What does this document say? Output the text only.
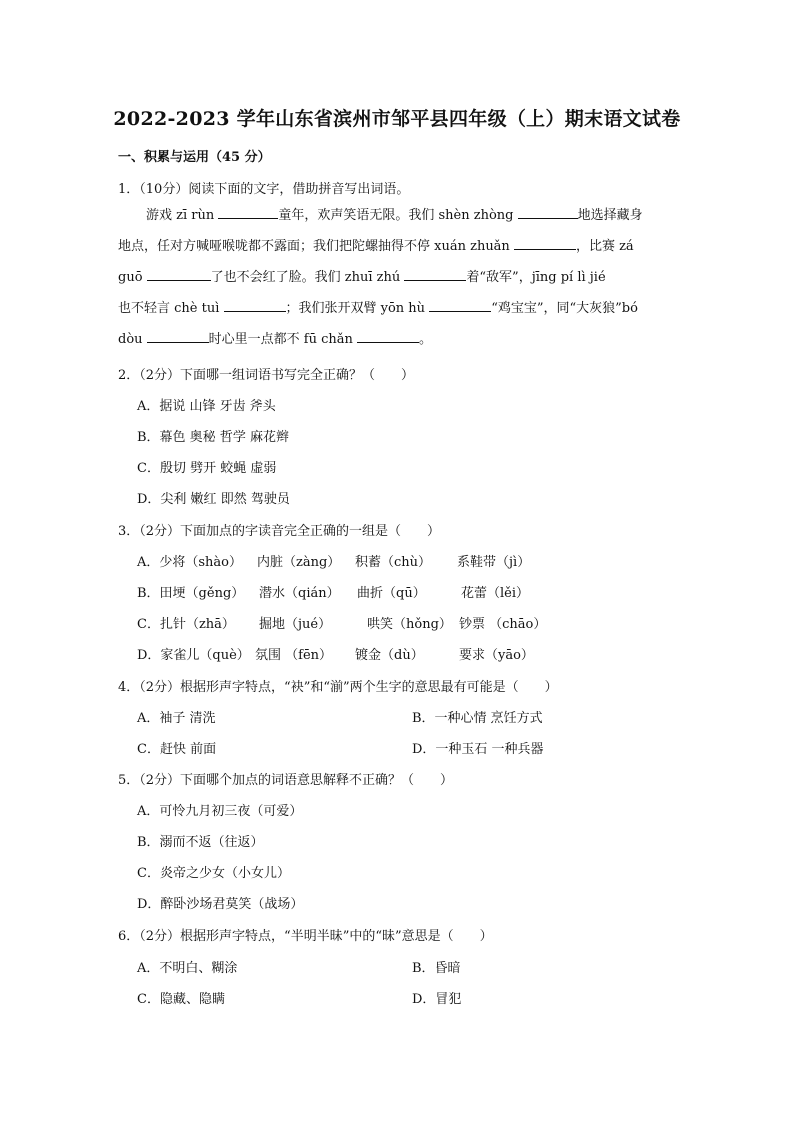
2022-2023 学年山东省滨州市邹平县四年级（上）期末语文试卷
一、积累与运用（45 分）
1．（10分）阅读下面的文字，借助拼音写出词语。
游戏 zī rùn	童年，欢声笑语无限。我们 shèn zhòng	地选择藏身
地点，任对方喊哑喉咙都不露面；我们把陀螺抽得不停 xuán zhuǎn	，比赛 zá
guō	了也不会红了脸。我们 zhuī zhú	着“敌军”，jīng pí lì jié
也不轻言 chè tuì	；我们张开双臂 yōn hù	“鸡宝宝”，同“大灰狼”bó
dòu	时心里一点都不 fū chǎn	。
2．（2分）下面哪一组词语书写完全正确？（　　）
A．据说 山锋 牙齿 斧头
B．幕色 奥秘 哲学 麻花辫
C．殷切 劈开 蛟蝇 虚弱
D．尖利 嫩红 即然 驾驶员
3．（2分）下面加点的字读音完全正确的一组是（　　）
A．少将（shào） 内脏（zàng） 积蓄（chù） 系鞋带（jì）
B．田埂（gěng） 潜水（qián） 曲折（qū）	花蕾（lěi）
C．扎针（zhā） 掘地（jué）	哄笑（hǒng） 钞票 （chāo）
D．家雀儿（què） 氛围 （fēn） 镀金（dù）	要求（yāo）
4．（2分）根据形声字特点，“袂”和“湔”两个生字的意思最有可能是（　　）
A．袖子 清洗	B．一种心情 烹饪方式
C．赶快 前面	D．一种玉石 一种兵器
5．（2分）下面哪个加点的词语意思解释不正确？（　　）
A．可怜九月初三夜（可爱）
B．溺而不返（往返）
C．炎帝之少女（小女儿）
D．醉卧沙场君莫笑（战场）
6．（2分）根据形声字特点，“半明半昧”中的“昧”意思是（　　）
A．不明白、糊涂	B．昏暗
C．隐藏、隐瞒	D．冒犯
